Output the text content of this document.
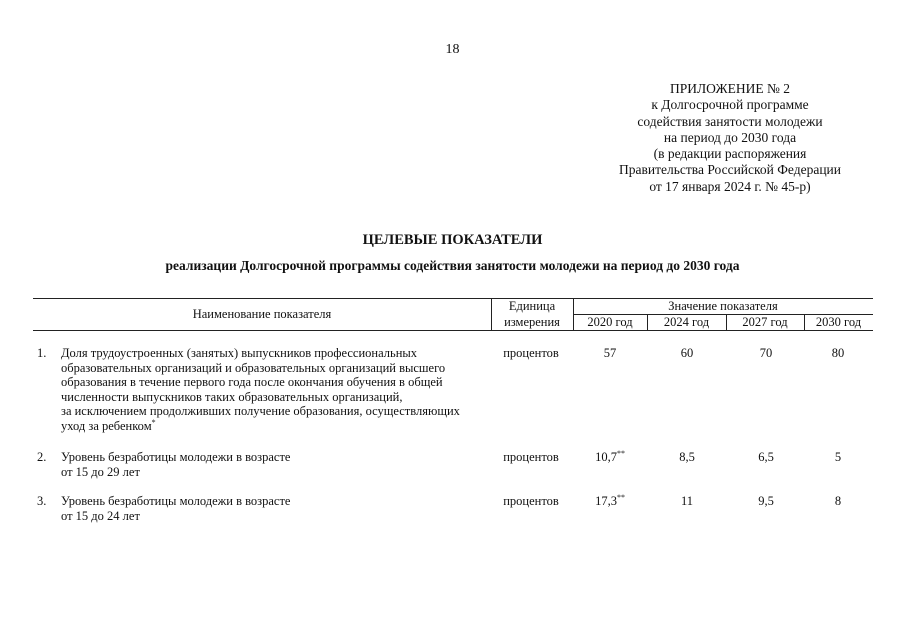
18
ПРИЛОЖЕНИЕ № 2
к Долгосрочной программе
содействия занятости молодежи
на период до 2030 года
(в редакции распоряжения
Правительства Российской Федерации
от 17 января 2024 г. № 45-р)
ЦЕЛЕВЫЕ ПОКАЗАТЕЛИ
реализации Долгосрочной программы содействия занятости молодежи на период до 2030 года
Наименование показателя
Единица
измерения
Значение показателя
2020 год	2024 год	2027 год	2030 год
1.	Доля трудоустроенных (занятых) выпускников профессиональных
образовательных организаций и образовательных организаций высшего
образования в течение первого года после окончания обучения в общей
численности выпускников таких образовательных организаций,
за исключением продолживших получение образования, осуществляющих
уход за ребенком*
процентов	57	60	70	80
2.	Уровень безработицы молодежи в возрасте
от 15 до 29 лет
процентов	10,7**	8,5	6,5	5
3.	Уровень безработицы молодежи в возрасте
от 15 до 24 лет
процентов	17,3**	11	9,5	8
